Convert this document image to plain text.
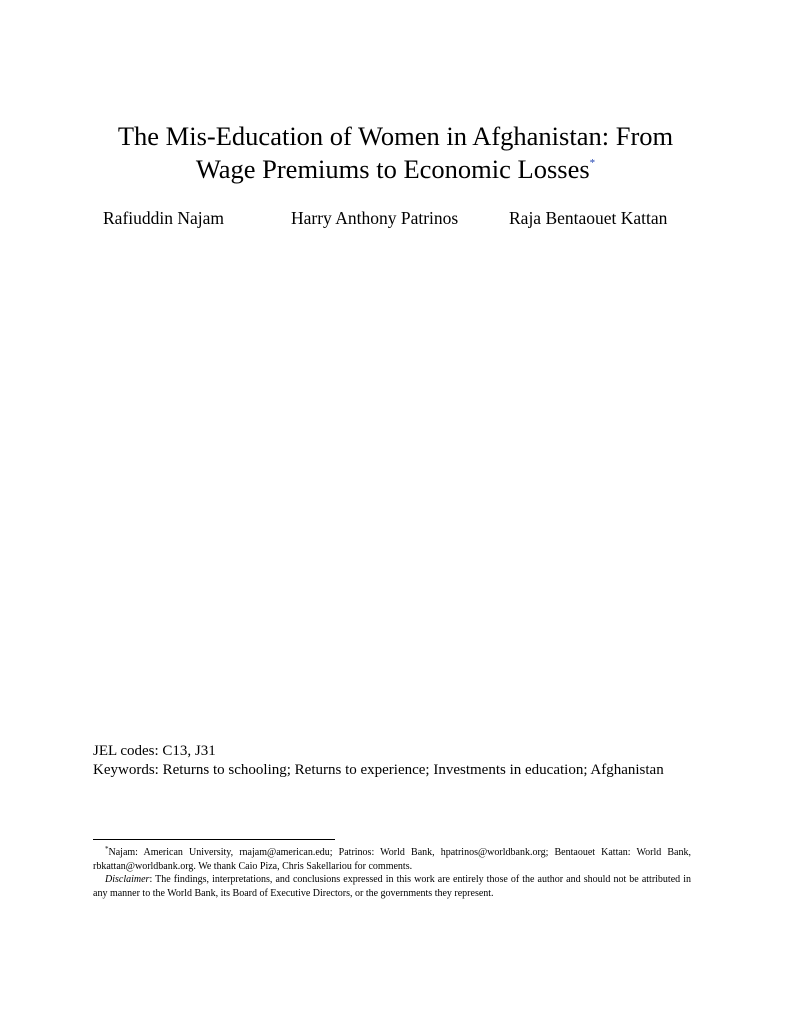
The Mis-Education of Women in Afghanistan: From
Wage Premiums to Economic Losses*
Rafiuddin Najam	Harry Anthony Patrinos	Raja Bentaouet Kattan
JEL codes: C13, J31
Keywords: Returns to schooling; Returns to experience; Investments in education; Afghanistan

*Najam: American University, rnajam@american.edu; Patrinos: World Bank, hpatrinos@worldbank.org; Bentaouet Kattan: World Bank, rbkattan@worldbank.org. We thank Caio Piza, Chris Sakellariou for comments.

Disclaimer: The findings, interpretations, and conclusions expressed in this work are entirely those of the author and should not be attributed in any manner to the World Bank, its Board of Executive Directors, or the governments they represent.
